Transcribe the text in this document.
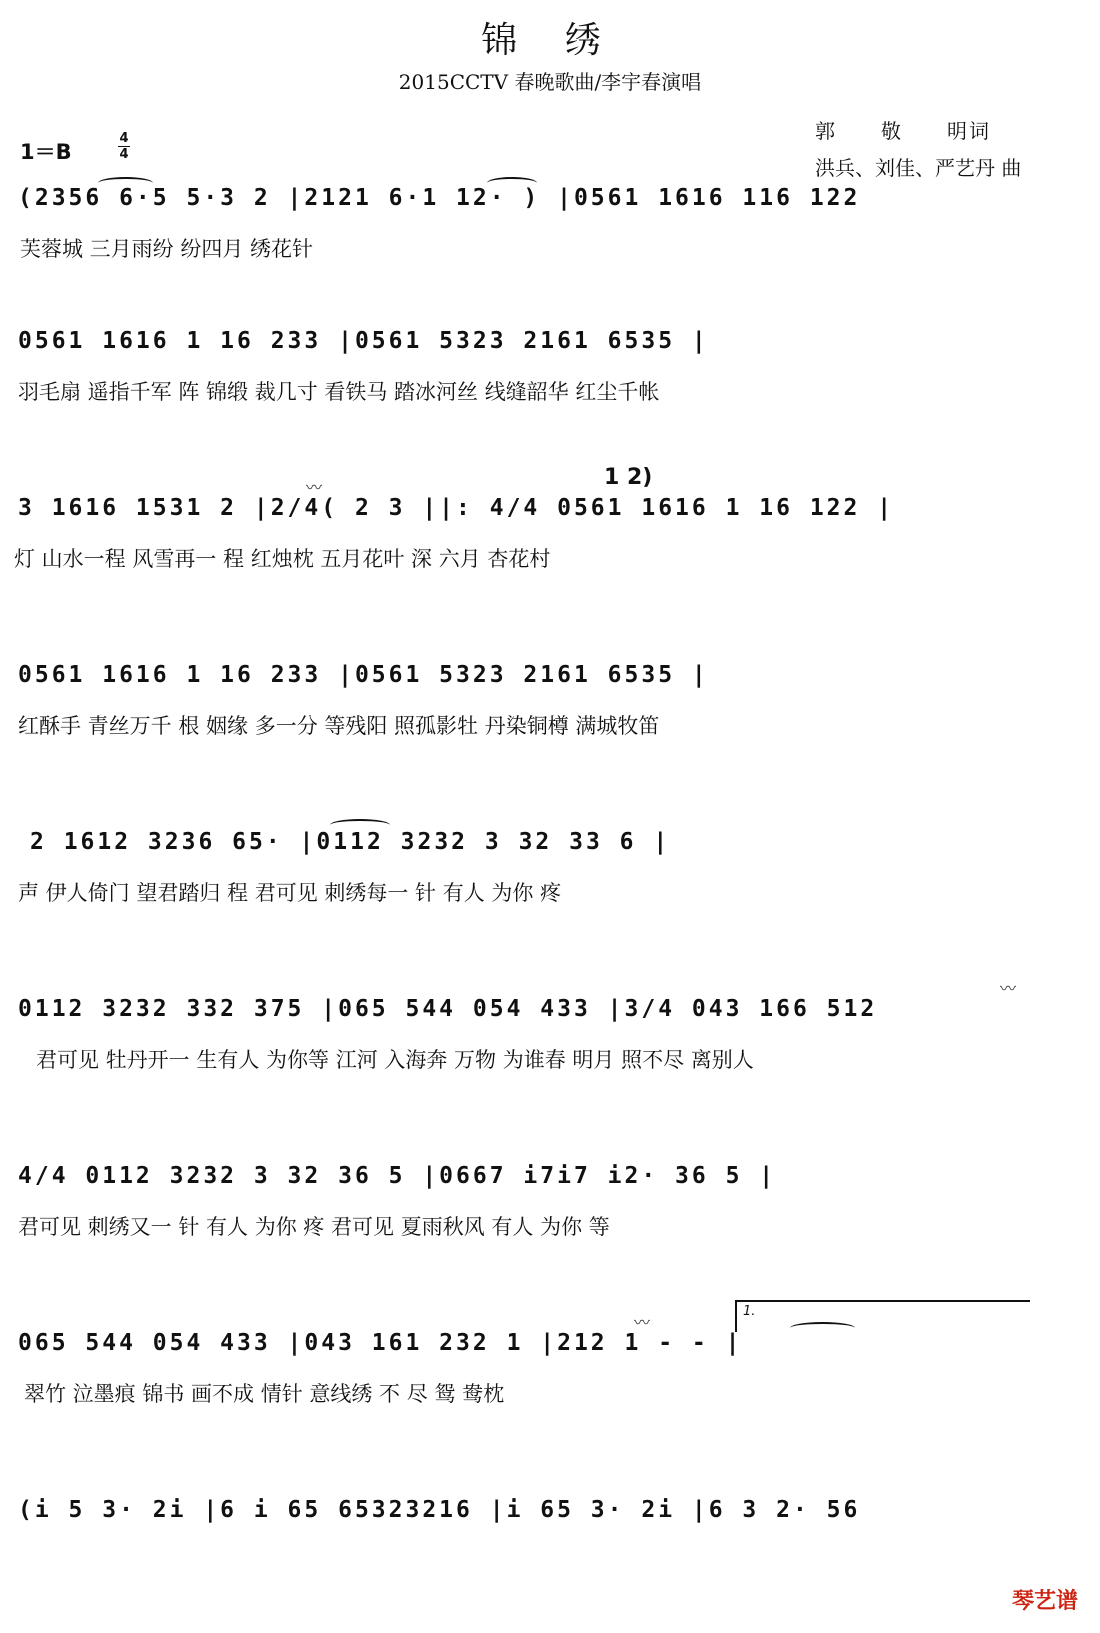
锦 绣
2015CCTV 春晚歌曲/李宇春演唱
郭　　敬　　明词
洪兵、刘佳、严艺丹 曲
1＝B
4
4
(2356 6·5 5·3 2 |2121 6·1 12· ) |0561 1616 116 122
芙蓉城 三月雨纷 纷四月 绣花针
0561 1616 1 16 233 |0561 5323 2161 6535 |
羽毛扇 遥指千军 阵 锦缎 裁几寸 看铁马 踏冰河丝 线缝韶华 红尘千帐
3 1616 1531 2 |2/4( 2 3 ||: 4/4 0561 1616 1 16 122 |
灯 山水一程 风雪再一 程 红烛枕 五月花叶 深 六月 杏花村
1 2)
〰
0561 1616 1 16 233 |0561 5323 2161 6535 |
红酥手 青丝万千 根 姻缘 多一分 等残阳 照孤影牡 丹染铜樽 满城牧笛
2 1612 3236 65· |0112 3232 3 32 33 6 |
声 伊人倚门 望君踏归 程 君可见 刺绣每一 针 有人 为你 疼
0112 3232 332 375 |065 544 054 433 |3/4 043 166 512
君可见 牡丹开一 生有人 为你等 江河 入海奔 万物 为谁春 明月 照不尽 离别人
〰
4/4 0112 3232 3 32 36 5 |0667 i7i7 i2· 36 5 |
君可见 刺绣又一 针 有人 为你 疼 君可见 夏雨秋风 有人 为你 等
065 544 054 433 |043 161 232 1 |212 1 - - |
翠竹 泣墨痕 锦书 画不成 情针 意线绣 不 尽 鸳 鸯枕
1.
〰
(i 5 3· 2i |6 i 65 65323216 |i 65 3· 2i |6 3 2· 56
琴艺谱
